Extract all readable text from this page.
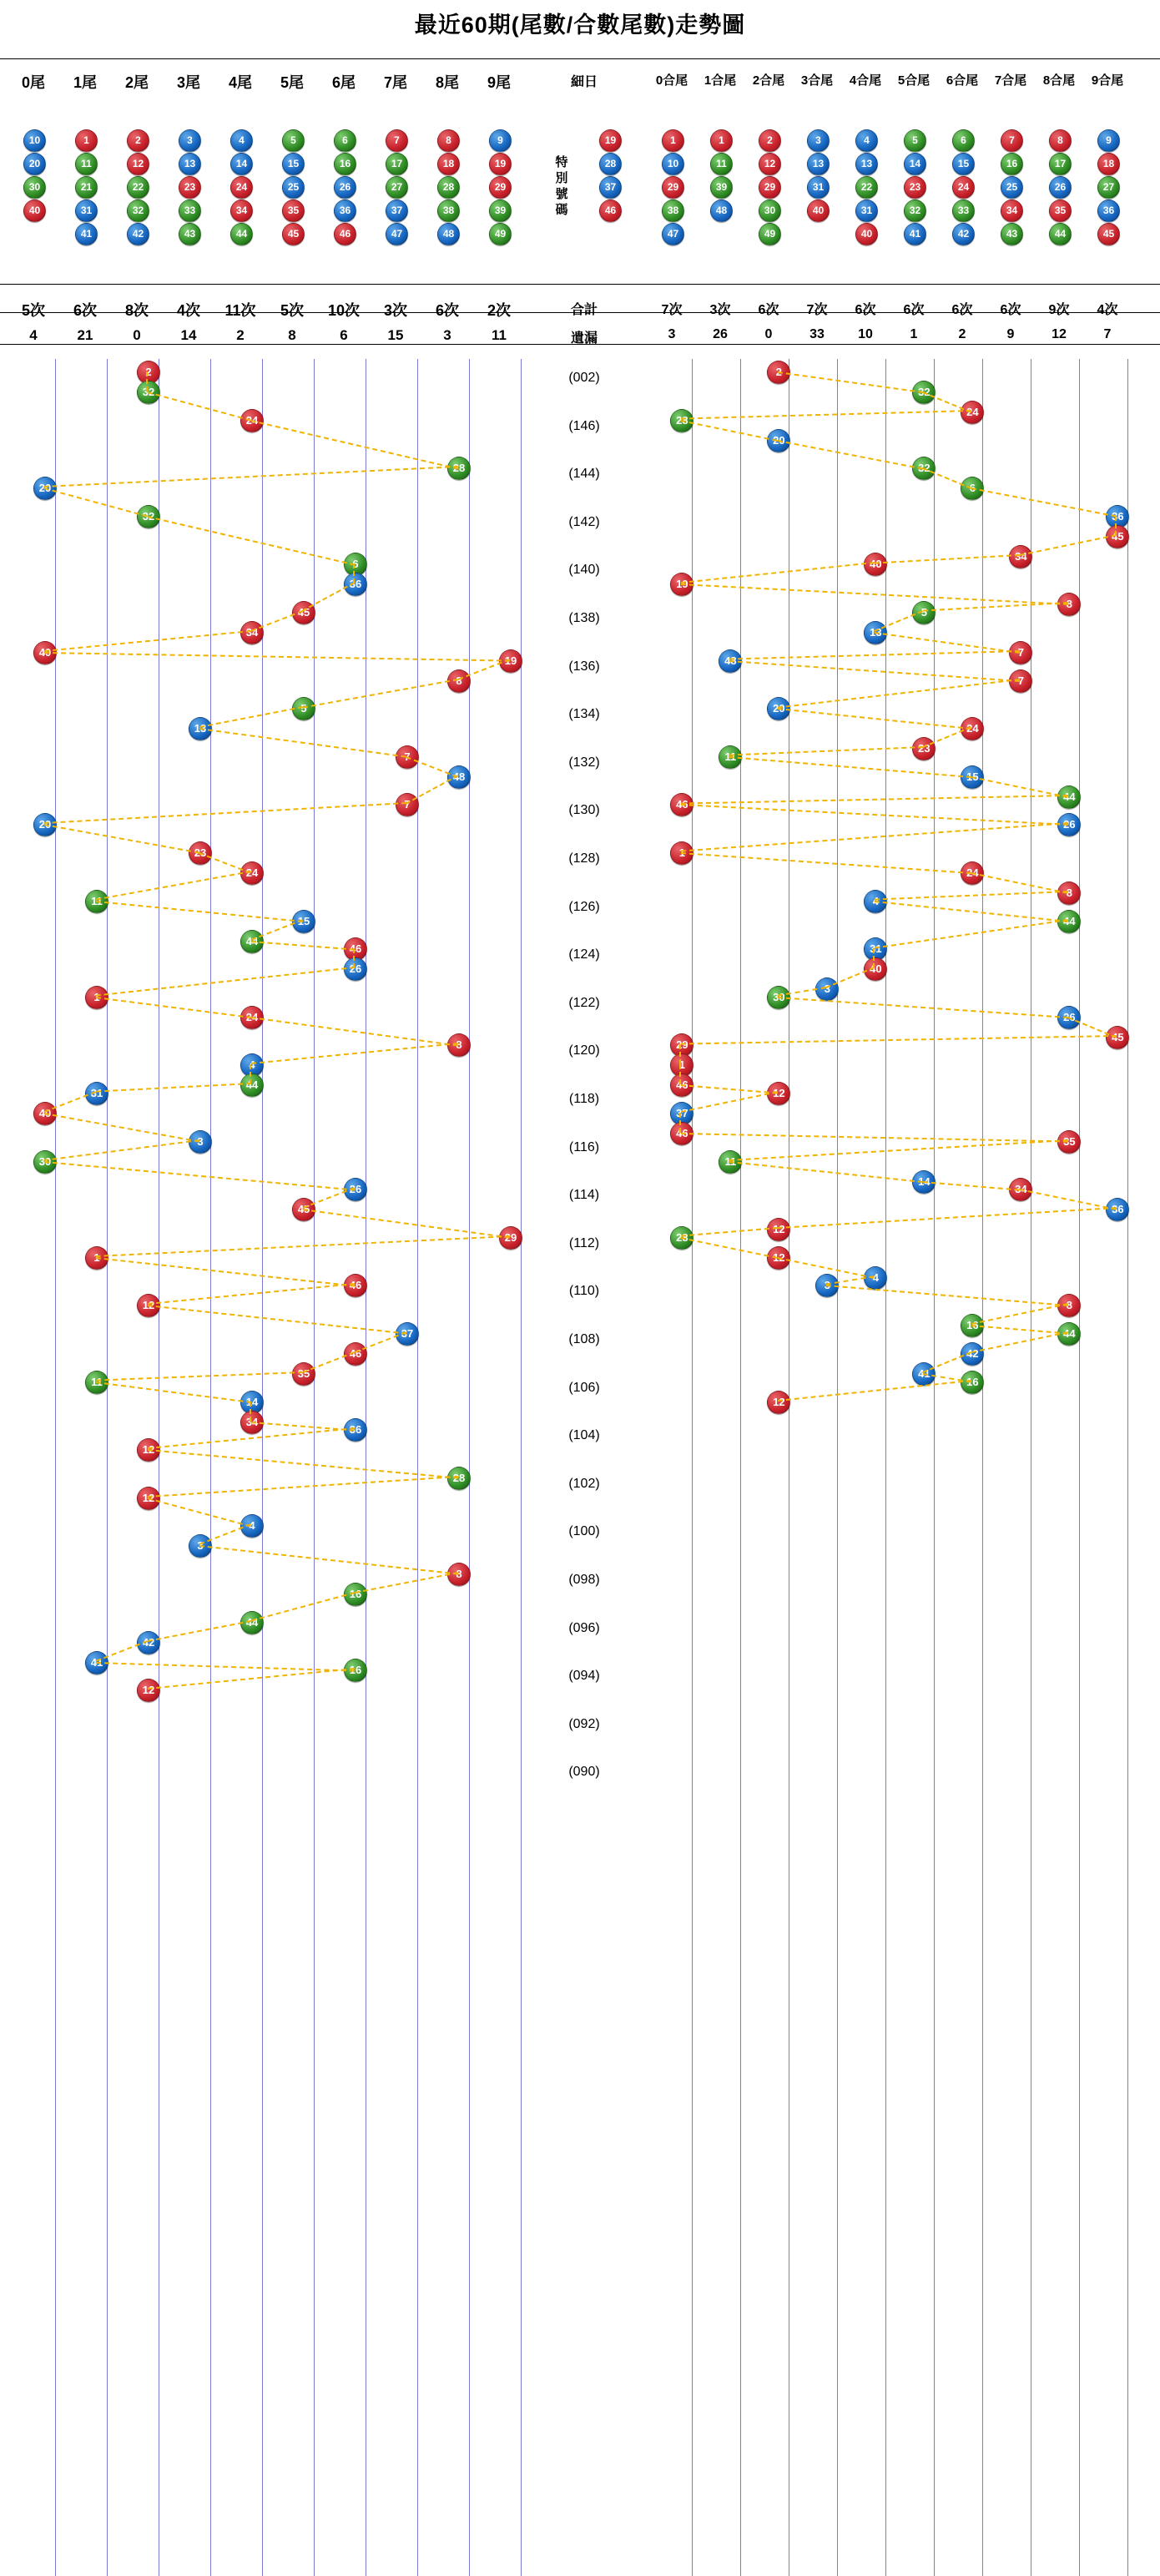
最近60期(尾數/合數尾數)走勢圖
0尾
10
20
30
40
5次
4
1尾
1
11
21
31
41
6次
21
2尾
2
12
22
32
42
8次
0
3尾
3
13
23
33
43
4次
14
4尾
4
14
24
34
44
11次
2
5尾
5
15
25
35
45
5次
8
6尾
6
16
26
36
46
10次
6
7尾
7
17
27
37
47
3次
15
8尾
8
18
28
38
48
6次
3
9尾
9
19
29
39
49
2次
11
0合尾
1
10
29
38
47
7次
3
1合尾
1
11
39
48
3次
26
2合尾
2
12
29
30
49
6次
0
3合尾
3
13
31
40
7次
33
4合尾
4
13
22
31
40
6次
10
5合尾
5
14
23
32
41
6次
1
6合尾
6
15
24
33
42
6次
2
7合尾
7
16
25
34
43
6次
9
8合尾
8
17
26
35
44
9次
12
9合尾
9
18
27
36
45
4次
7
細日
特
別
號
碼
19
28
37
46
合計
遺漏
(002)
(146)
(144)
(142)
(140)
(138)
(136)
(134)
(132)
(130)
(128)
(126)
(124)
(122)
(120)
(118)
(116)
(114)
(112)
(110)
(108)
(106)
(104)
(102)
(100)
(098)
(096)
(094)
(092)
(090)
2
32
24
28
20
32
6
36
45
34
40
19
8
5
13
7
48
7
20
23
24
11
15
44
46
26
1
24
8
4
44
31
40
3
30
26
45
29
1
46
12
37
46
35
11
14
34
36
12
28
12
4
3
8
16
44
42
41
16
12
2
32
24
28
20
32
6
36
45
34
40
19
8
5
13
7
48
7
20
24
23
11
15
44
46
26
1
24
8
4
44
31
40
3
30
26
45
29
1
46
12
37
46
35
11
14
34
36
12
28
12
4
3
8
16
44
42
41
16
12
